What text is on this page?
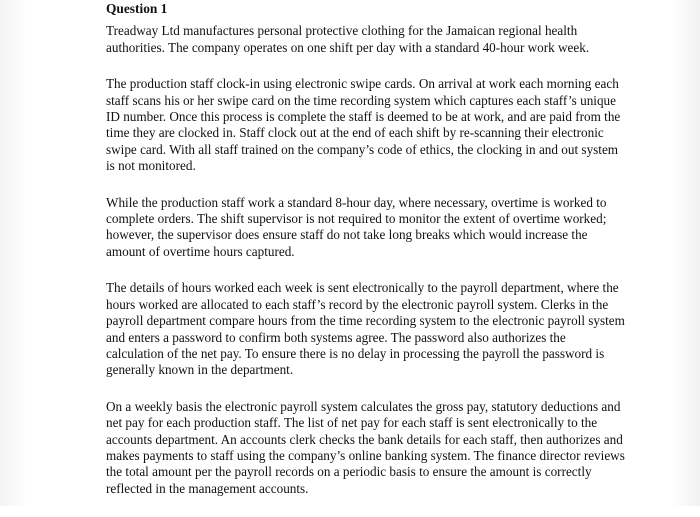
Question 1

Treadway Ltd manufactures personal protective clothing for the Jamaican regional health authorities. The company operates on one shift per day with a standard 40-hour work week.

The production staff clock-in using electronic swipe cards. On arrival at work each morning each staff scans his or her swipe card on the time recording system which captures each staff’s unique ID number. Once this process is complete the staff is deemed to be at work, and are paid from the time they are clocked in. Staff clock out at the end of each shift by re-scanning their electronic swipe card. With all staff trained on the company’s code of ethics, the clocking in and out system is not monitored.

While the production staff work a standard 8-hour day, where necessary, overtime is worked to complete orders. The shift supervisor is not required to monitor the extent of overtime worked; however, the supervisor does ensure staff do not take long breaks which would increase the amount of overtime hours captured.

The details of hours worked each week is sent electronically to the payroll department, where the hours worked are allocated to each staff’s record by the electronic payroll system. Clerks in the payroll department compare hours from the time recording system to the electronic payroll system and enters a password to confirm both systems agree. The password also authorizes the calculation of the net pay. To ensure there is no delay in processing the payroll the password is generally known in the department.

On a weekly basis the electronic payroll system calculates the gross pay, statutory deductions and net pay for each production staff. The list of net pay for each staff is sent electronically to the accounts department. An accounts clerk checks the bank details for each staff, then authorizes and makes payments to staff using the company’s online banking system. The finance director reviews the total amount per the payroll records on a periodic basis to ensure the amount is correctly reflected in the management accounts.
